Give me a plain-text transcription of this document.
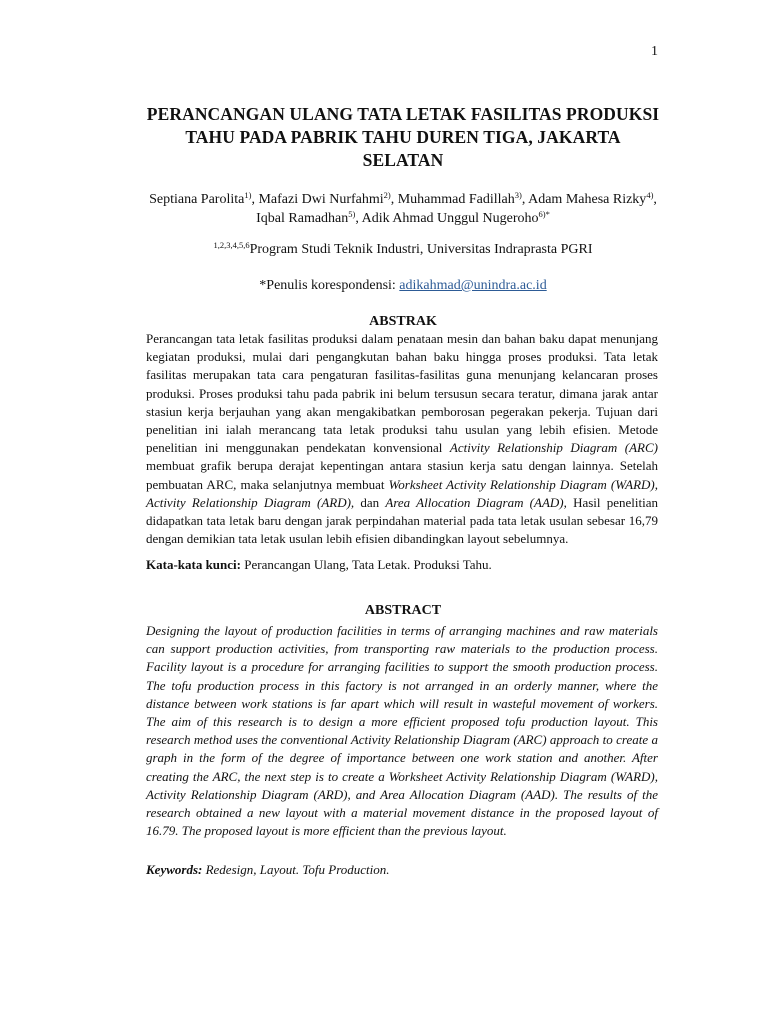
1
PERANCANGAN ULANG TATA LETAK FASILITAS PRODUKSI TAHU PADA PABRIK TAHU DUREN TIGA, JAKARTA SELATAN
Septiana Parolita$^{1)}$, Mafazi Dwi Nurfahmi$^{2)}$, Muhammad Fadillah$^{3)}$, Adam Mahesa Rizky$^{4)}$, Iqbal Ramadhan$^{5)}$, Adik Ahmad Unggul Nugeroho$^{6)*}$
$^{1,2,3,4,5,6}$Program Studi Teknik Industri, Universitas Indraprasta PGRI
*Penulis korespondensi: adikahmad@unindra.ac.id
ABSTRAK
Perancangan tata letak fasilitas produksi dalam penataan mesin dan bahan baku dapat menunjang kegiatan produksi, mulai dari pengangkutan bahan baku hingga proses produksi. Tata letak fasilitas merupakan tata cara pengaturan fasilitas-fasilitas guna menunjang kelancaran proses produksi. Proses produksi tahu pada pabrik ini belum tersusun secara teratur, dimana jarak antar stasiun kerja berjauhan yang akan mengakibatkan pemborosan pegerakan pekerja. Tujuan dari penelitian ini ialah merancang tata letak produksi tahu usulan yang lebih efisien. Metode penelitian ini menggunakan pendekatan konvensional Activity Relationship Diagram (ARC) membuat grafik berupa derajat kepentingan antara stasiun kerja satu dengan lainnya. Setelah pembuatan ARC, maka selanjutnya membuat Worksheet Activity Relationship Diagram (WARD), Activity Relationship Diagram (ARD), dan Area Allocation Diagram (AAD), Hasil penelitian didapatkan tata letak baru dengan jarak perpindahan material pada tata letak usulan sebesar 16,79 dengan demikian tata letak usulan lebih efisien dibandingkan layout sebelumnya.
Kata-kata kunci: Perancangan Ulang, Tata Letak. Produksi Tahu.
ABSTRACT
Designing the layout of production facilities in terms of arranging machines and raw materials can support production activities, from transporting raw materials to the production process. Facility layout is a procedure for arranging facilities to support the smooth production process. The tofu production process in this factory is not arranged in an orderly manner, where the distance between work stations is far apart which will result in wasteful movement of workers. The aim of this research is to design a more efficient proposed tofu production layout. This research method uses the conventional Activity Relationship Diagram (ARC) approach to create a graph in the form of the degree of importance between one work station and another. After creating the ARC, the next step is to create a Worksheet Activity Relationship Diagram (WARD), Activity Relationship Diagram (ARD), and Area Allocation Diagram (AAD). The results of the research obtained a new layout with a material movement distance in the proposed layout of 16.79. The proposed layout is more efficient than the previous layout.
Keywords: Redesign, Layout. Tofu Production.
